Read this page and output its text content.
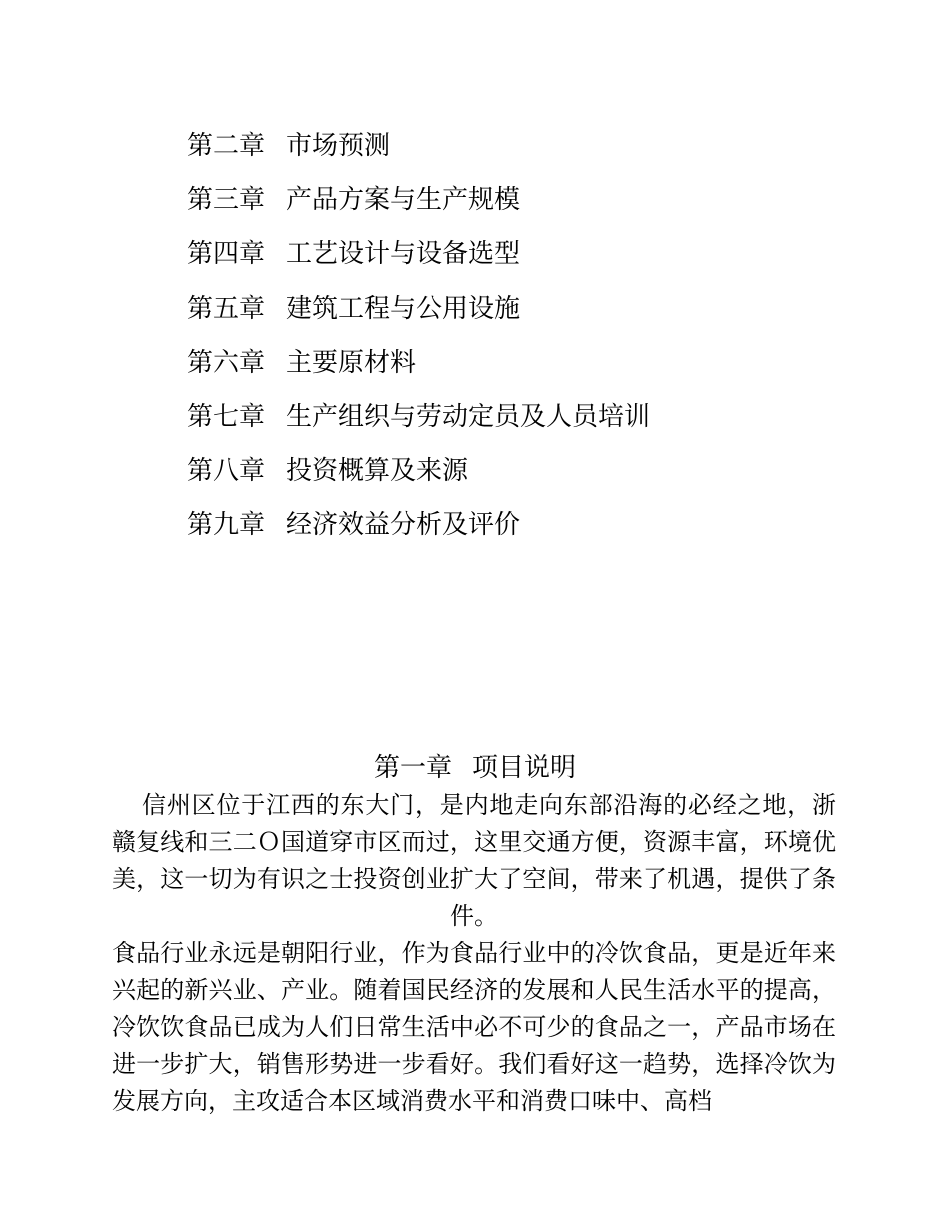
第二章 市场预测
第三章 产品方案与生产规模
第四章 工艺设计与设备选型
第五章 建筑工程与公用设施
第六章 主要原材料
第七章 生产组织与劳动定员及人员培训
第八章 投资概算及来源
第九章 经济效益分析及评价
第一章 项目说明

信州区位于江西的东大门，是内地走向东部沿海的必经之地，浙赣复线和三二Ｏ国道穿市区而过，这里交通方便，资源丰富，环境优美，这一切为有识之士投资创业扩大了空间，带来了机遇，提供了条件。

食品行业永远是朝阳行业，作为食品行业中的冷饮食品，更是近年来兴起的新兴业、产业。随着国民经济的发展和人民生活水平的提高，冷饮饮食品已成为人们日常生活中必不可少的食品之一，产品市场在进一步扩大，销售形势进一步看好。我们看好这一趋势，选择冷饮为发展方向，主攻适合本区域消费水平和消费口味中、高档
